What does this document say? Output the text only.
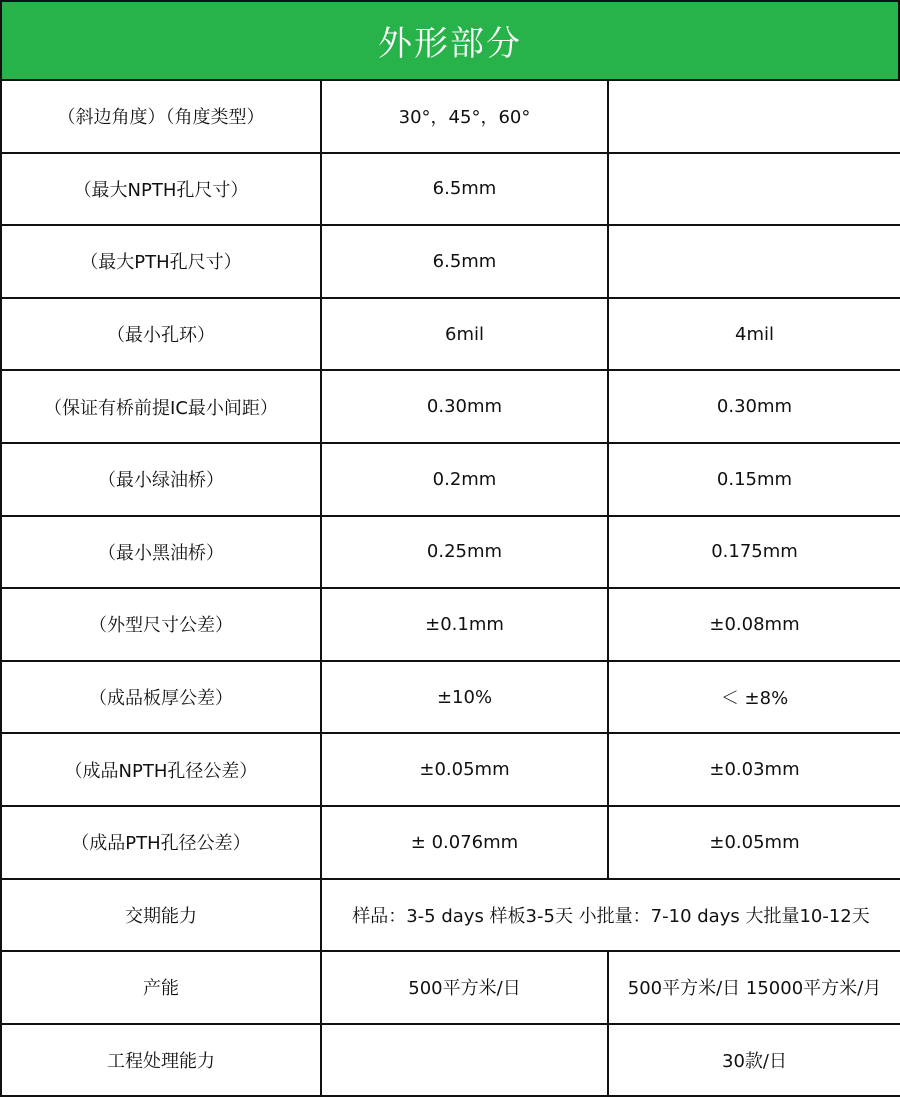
外形部分
（斜边角度）（角度类型）	30°，45°，60°	
（最大NPTH孔尺寸）	6.5mm	
（最大PTH孔尺寸）	6.5mm	
（最小孔环）	6mil	4mil
（保证有桥前提IC最小间距）	0.30mm	0.30mm
（最小绿油桥）	0.2mm	0.15mm
（最小黑油桥）	0.25mm	0.175mm
（外型尺寸公差）	±0.1mm	±0.08mm
（成品板厚公差）	±10%	＜ ±8%
（成品NPTH孔径公差）	±0.05mm	±0.03mm
（成品PTH孔径公差）	± 0.076mm	±0.05mm
交期能力	样品：3-5 days 样板3-5天 小批量：7-10 days 大批量10-12天	
产能	500平方米/日	500平方米/日 15000平方米/月
工程处理能力		30款/日
